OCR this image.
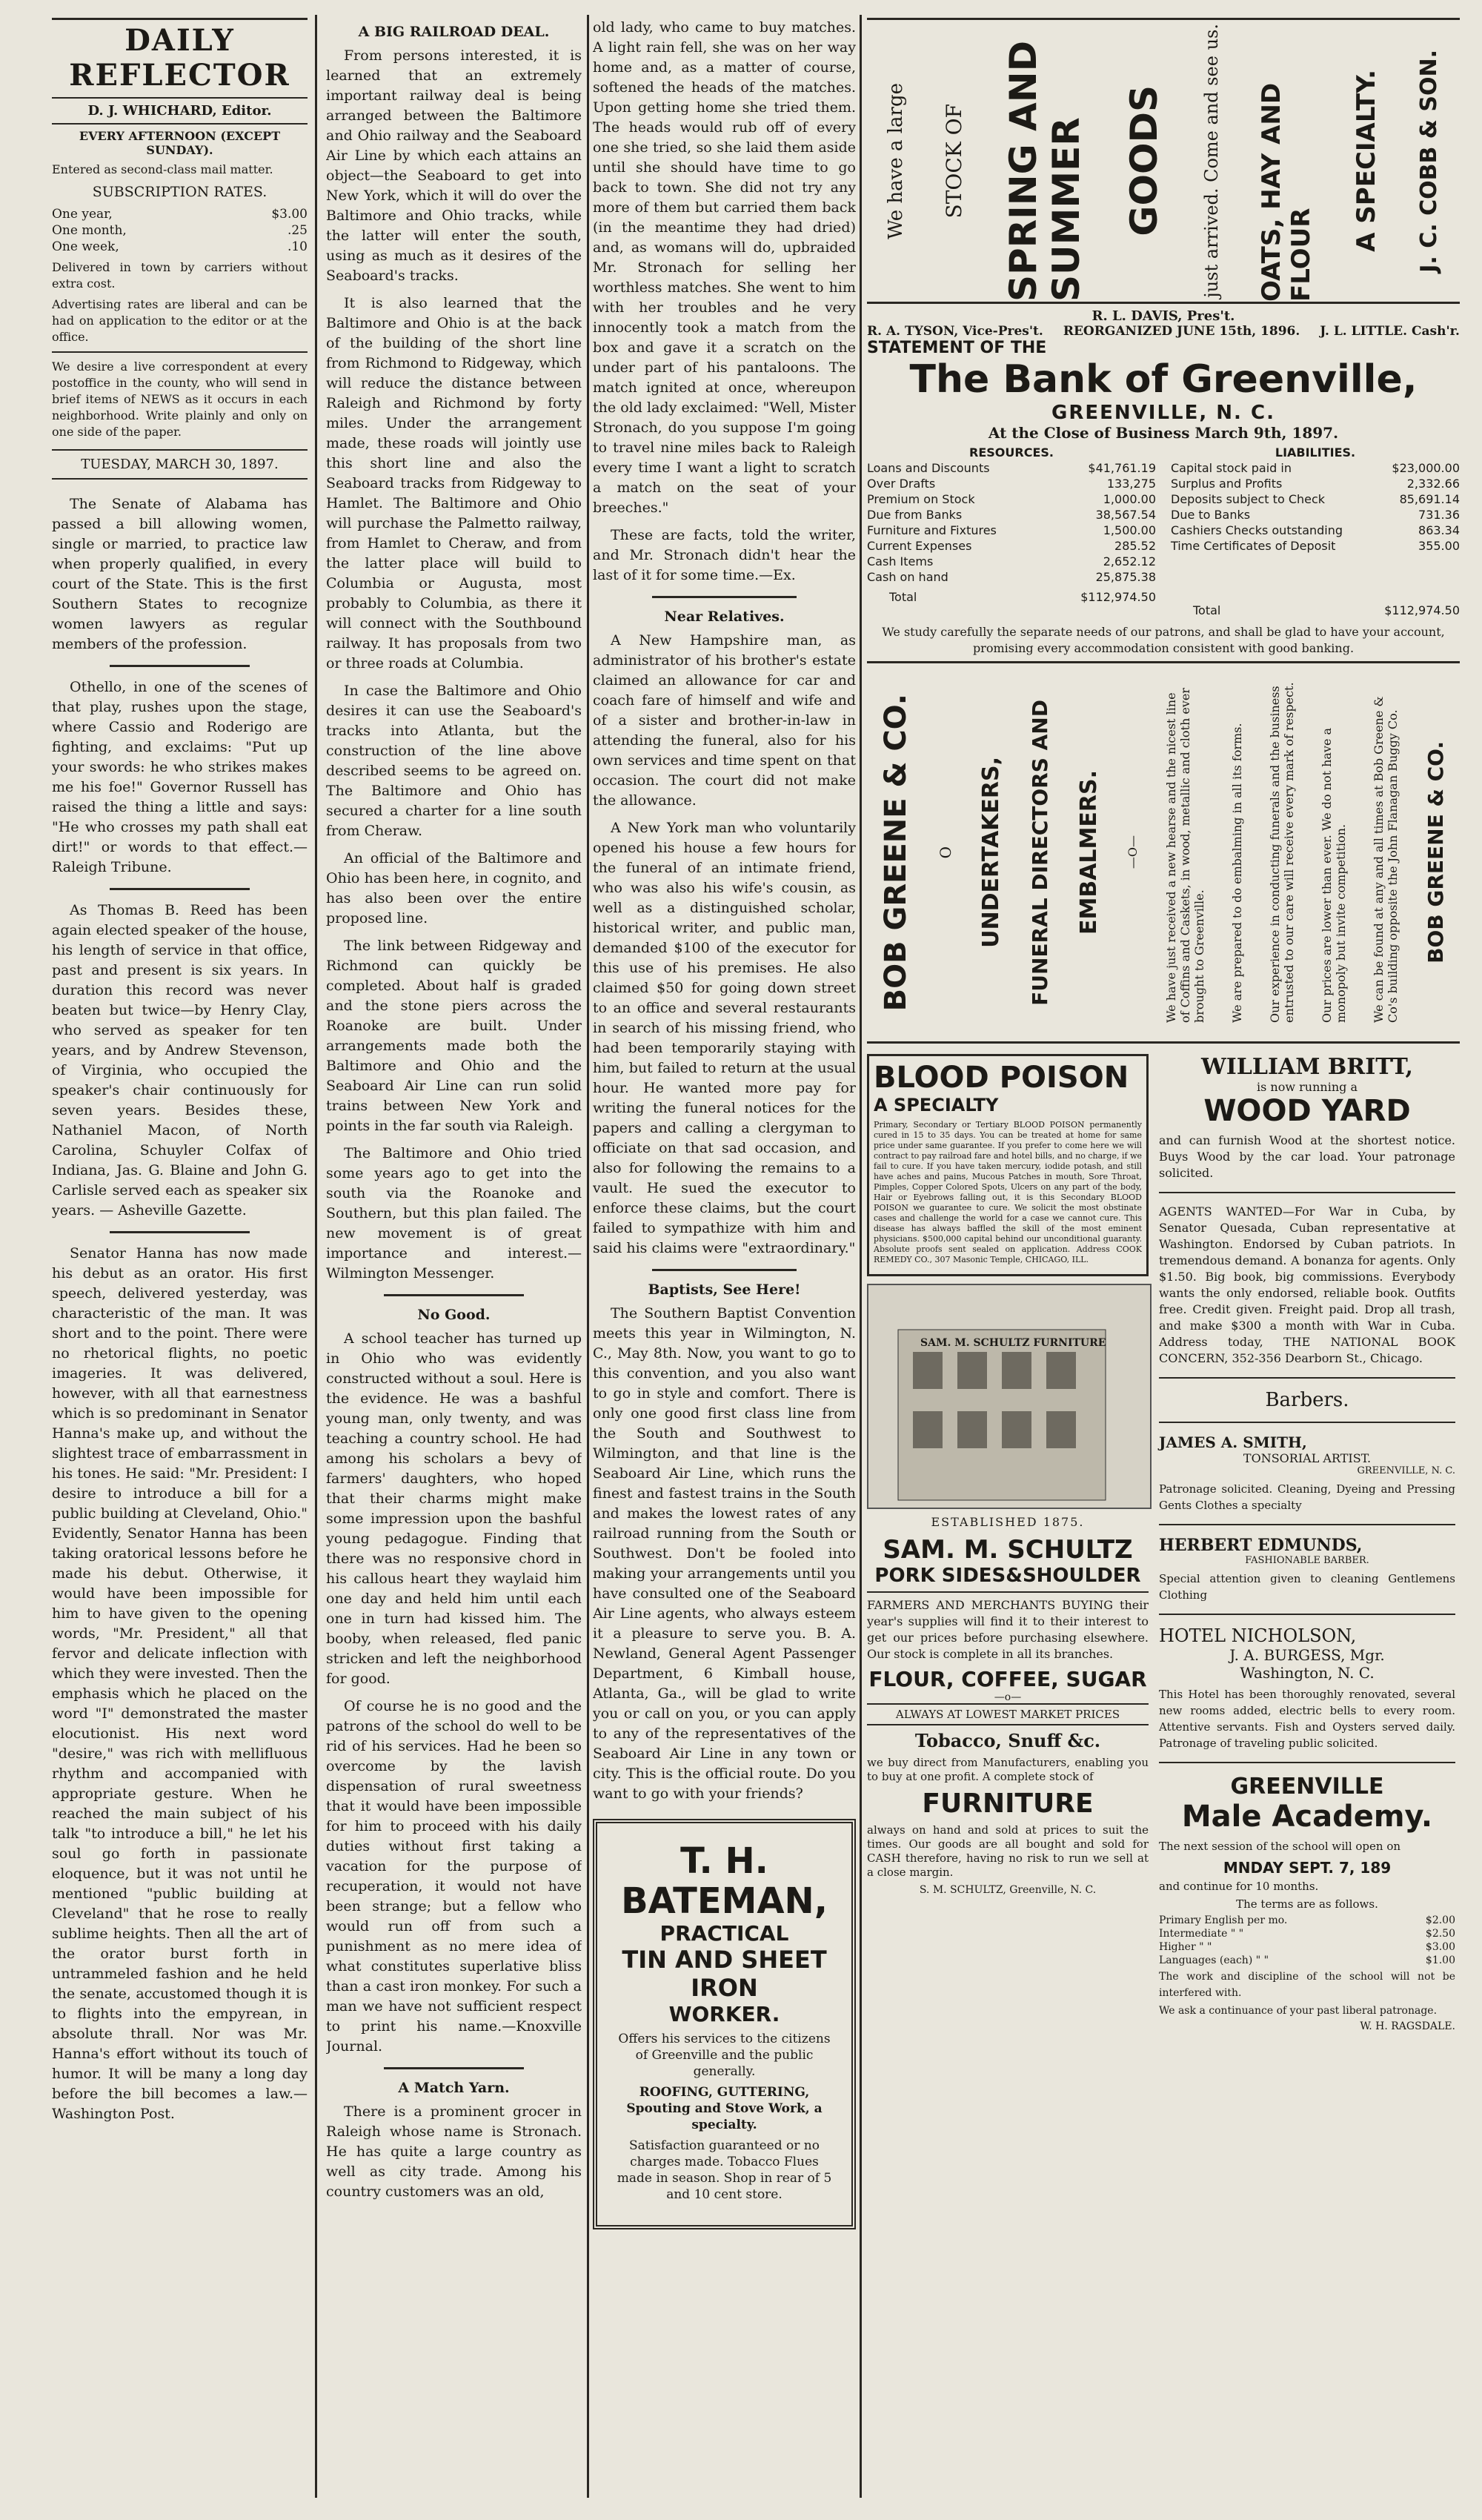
DAILY REFLECTOR
D. J. WHICHARD, Editor.
EVERY AFTERNOON (EXCEPT SUNDAY).

Entered as second-class mail matter.

SUBSCRIPTION RATES.
One year,	$3.00
One month,	.25
One week,	.10

Delivered in town by carriers without extra cost.

Advertising rates are liberal and can be had on application to the editor or at the office.

We desire a live correspondent at every postoffice in the county, who will send in brief items of NEWS as it occurs in each neighborhood. Write plainly and only on one side of the paper.

TUESDAY, MARCH 30, 1897.

The Senate of Alabama has passed a bill allowing women, single or married, to practice law when properly qualified, in every court of the State. This is the first Southern States to recognize women lawyers as regular members of the profession.

Othello, in one of the scenes of that play, rushes upon the stage, where Cassio and Roderigo are fighting, and exclaims: "Put up your swords: he who strikes makes me his foe!" Governor Russell has raised the thing a little and says: "He who crosses my path shall eat dirt!" or words to that effect.—Raleigh Tribune.

As Thomas B. Reed has been again elected speaker of the house, his length of service in that office, past and present is six years. In duration this record was never beaten but twice—by Henry Clay, who served as speaker for ten years, and by Andrew Stevenson, of Virginia, who occupied the speaker's chair continuously for seven years. Besides these, Nathaniel Macon, of North Carolina, Schuyler Colfax of Indiana, Jas. G. Blaine and John G. Carlisle served each as speaker six years. — Asheville Gazette.

Senator Hanna has now made his debut as an orator. His first speech, delivered yesterday, was characteristic of the man. It was short and to the point. There were no rhetorical flights, no poetic imageries. It was delivered, however, with all that earnestness which is so predominant in Senator Hanna's make up, and without the slightest trace of embarrassment in his tones. He said: "Mr. President: I desire to introduce a bill for a public building at Cleveland, Ohio." Evidently, Senator Hanna has been taking oratorical lessons before he made his debut. Otherwise, it would have been impossible for him to have given to the opening words, "Mr. President," all that fervor and delicate inflection with which they were invested. Then the emphasis which he placed on the word "I" demonstrated the master elocutionist. His next word "desire," was rich with mellifluous rhythm and accompanied with appropriate gesture. When he reached the main subject of his talk "to introduce a bill," he let his soul go forth in passionate eloquence, but it was not until he mentioned "public building at Cleveland" that he rose to really sublime heights. Then all the art of the orator burst forth in untrammeled fashion and he held the senate, accustomed though it is to flights into the empyrean, in absolute thrall. Nor was Mr. Hanna's effort without its touch of humor. It will be many a long day before the bill becomes a law.—Washington Post.

A BIG RAILROAD DEAL.

From persons interested, it is learned that an extremely important railway deal is being arranged between the Baltimore and Ohio railway and the Seaboard Air Line by which each attains an object—the Seaboard to get into New York, which it will do over the Baltimore and Ohio tracks, while the latter will enter the south, using as much as it desires of the Seaboard's tracks.

It is also learned that the Baltimore and Ohio is at the back of the building of the short line from Richmond to Ridgeway, which will reduce the distance between Raleigh and Richmond by forty miles. Under the arrangement made, these roads will jointly use this short line and also the Seaboard tracks from Ridgeway to Hamlet. The Baltimore and Ohio will purchase the Palmetto railway, from Hamlet to Cheraw, and from the latter place will build to Columbia or Augusta, most probably to Columbia, as there it will connect with the Southbound railway. It has proposals from two or three roads at Columbia.

In case the Baltimore and Ohio desires it can use the Seaboard's tracks into Atlanta, but the construction of the line above described seems to be agreed on. The Baltimore and Ohio has secured a charter for a line south from Cheraw.

An official of the Baltimore and Ohio has been here, in cognito, and has also been over the entire proposed line.

The link between Ridgeway and Richmond can quickly be completed. About half is graded and the stone piers across the Roanoke are built. Under arrangements made both the Baltimore and Ohio and the Seaboard Air Line can run solid trains between New York and points in the far south via Raleigh.

The Baltimore and Ohio tried some years ago to get into the south via the Roanoke and Southern, but this plan failed. The new movement is of great importance and interest.—Wilmington Messenger.

No Good.

A school teacher has turned up in Ohio who was evidently constructed without a soul. Here is the evidence. He was a bashful young man, only twenty, and was teaching a country school. He had among his scholars a bevy of farmers' daughters, who hoped that their charms might make some impression upon the bashful young pedagogue. Finding that there was no responsive chord in his callous heart they waylaid him one day and held him until each one in turn had kissed him. The booby, when released, fled panic stricken and left the neighborhood for good.

Of course he is no good and the patrons of the school do well to be rid of his services. Had he been so overcome by the lavish dispensation of rural sweetness that it would have been impossible for him to proceed with his daily duties without first taking a vacation for the purpose of recuperation, it would not have been strange; but a fellow who would run off from such a punishment as no mere idea of what constitutes superlative bliss than a cast iron monkey. For such a man we have not sufficient respect to print his name.—Knoxville Journal.

A Match Yarn.

There is a prominent grocer in Raleigh whose name is Stronach. He has quite a large country as well as city trade. Among his country customers was an old,

old lady, who came to buy matches. A light rain fell, she was on her way home and, as a matter of course, softened the heads of the matches. Upon getting home she tried them. The heads would rub off of every one she tried, so she laid them aside until she should have time to go back to town. She did not try any more of them but carried them back (in the meantime they had dried) and, as womans will do, upbraided Mr. Stronach for selling her worthless matches. She went to him with her troubles and he very innocently took a match from the box and gave it a scratch on the under part of his pantaloons. The match ignited at once, whereupon the old lady exclaimed: "Well, Mister Stronach, do you suppose I'm going to travel nine miles back to Raleigh every time I want a light to scratch a match on the seat of your breeches."

These are facts, told the writer, and Mr. Stronach didn't hear the last of it for some time.—Ex.

Near Relatives.

A New Hampshire man, as administrator of his brother's estate claimed an allowance for car and coach fare of himself and wife and of a sister and brother-in-law in attending the funeral, also for his own services and time spent on that occasion. The court did not make the allowance.

A New York man who voluntarily opened his house a few hours for the funeral of an intimate friend, who was also his wife's cousin, as well as a distinguished scholar, historical writer, and public man, demanded $100 of the executor for this use of his premises. He also claimed $50 for going down street to an office and several restaurants in search of his missing friend, who had been temporarily staying with him, but failed to return at the usual hour. He wanted more pay for writing the funeral notices for the papers and calling a clergyman to officiate on that sad occasion, and also for following the remains to a vault. He sued the executor to enforce these claims, but the court failed to sympathize with him and said his claims were "extraordinary."

Baptists, See Here!

The Southern Baptist Convention meets this year in Wilmington, N. C., May 8th. Now, you want to go to this convention, and you also want to go in style and comfort. There is only one good first class line from the South and Southwest to Wilmington, and that line is the Seaboard Air Line, which runs the finest and fastest trains in the South and makes the lowest rates of any railroad running from the South or Southwest. Don't be fooled into making your arrangements until you have consulted one of the Seaboard Air Line agents, who always esteem it a pleasure to serve you. B. A. Newland, General Agent Passenger Department, 6 Kimball house, Atlanta, Ga., will be glad to write you or call on you, or you can apply to any of the representatives of the Seaboard Air Line in any town or city. This is the official route. Do you want to go with your friends?

T. H. BATEMAN,
PRACTICAL
TIN AND SHEET IRON
WORKER.

Offers his services to the citizens of Greenville and the public generally.

ROOFING, GUTTERING, Spouting and Stove Work, a specialty.

Satisfaction guaranteed or no charges made. Tobacco Flues made in season. Shop in rear of 5 and 10 cent store.

We have a large STOCK OF SPRING AND SUMMER GOODS just arrived. Come and see us. OATS, HAY AND FLOUR
A SPECIALTY. J. C. COBB & SON.
R. L. DAVIS, Pres't.
R. A. TYSON, Vice-Pres't. REORGANIZED JUNE 15th, 1896. J. L. LITTLE. Cash'r.
STATEMENT OF THE
The Bank of Greenville,
GREENVILLE, N. C.
At the Close of Business March 9th, 1897.
RESOURCES.
Loans and Discounts	$41,761.19
Over Drafts	133,275
Premium on Stock	1,000.00
Due from Banks	38,567.54
Furniture and Fixtures	1,500.00
Current Expenses	285.52
Cash Items	2,652.12
Cash on hand	25,875.38
Total	$112,974.50
LIABILITIES.
Capital stock paid in	$23,000.00
Surplus and Profits	2,332.66
Deposits subject to Check	85,691.14
Due to Banks	731.36
Cashiers Checks outstanding	863.34
Time Certificates of Deposit	355.00
Total	$112,974.50

We study carefully the separate needs of our patrons, and shall be glad to have your account, promising every accommodation consistent with good banking.

BOB GREENE & CO. O UNDERTAKERS, FUNERAL DIRECTORS AND EMBALMERS. —O— We have just received a new hearse and the nicest line of Coffins and Caskets, in wood, metallic and cloth ever brought to Greenville. We are prepared to do embalming in all its forms. Our experience in conducting funerals and the business entrusted to our care will receive every mark of respect. Our prices are lower than ever. We do not have a monopoly but invite competition. We can be found at any and all times at Bob Greene & Co's building opposite the John Flanagan Buggy Co. BOB GREENE & CO.
BLOOD POISON
A SPECIALTY

Primary, Secondary or Tertiary BLOOD POISON permanently cured in 15 to 35 days. You can be treated at home for same price under same guarantee. If you prefer to come here we will contract to pay railroad fare and hotel bills, and no charge, if we fail to cure. If you have taken mercury, iodide potash, and still have aches and pains, Mucous Patches in mouth, Sore Throat, Pimples, Copper Colored Spots, Ulcers on any part of the body, Hair or Eyebrows falling out, it is this Secondary BLOOD POISON we guarantee to cure. We solicit the most obstinate cases and challenge the world for a case we cannot cure. This disease has always baffled the skill of the most eminent physicians. $500,000 capital behind our unconditional guaranty. Absolute proofs sent sealed on application. Address COOK REMEDY CO., 307 Masonic Temple, CHICAGO, ILL.

SAM. M. SCHULTZ FURNITURE
ESTABLISHED 1875.
SAM. M. SCHULTZ
PORK SIDES&SHOULDER

FARMERS AND MERCHANTS BUYING their year's supplies will find it to their interest to get our prices before purchasing elsewhere. Our stock is complete in all its branches.

FLOUR, COFFEE, SUGAR
—o—
ALWAYS AT LOWEST MARKET PRICES
Tobacco, Snuff &c.

we buy direct from Manufacturers, enabling you to buy at one profit. A complete stock of

FURNITURE

always on hand and sold at prices to suit the times. Our goods are all bought and sold for CASH therefore, having no risk to run we sell at a close margin.

S. M. SCHULTZ, Greenville, N. C.
WILLIAM BRITT,
is now running a
WOOD YARD

and can furnish Wood at the shortest notice. Buys Wood by the car load. Your patronage solicited.

AGENTS WANTED—For War in Cuba, by Senator Quesada, Cuban representative at Washington. Endorsed by Cuban patriots. In tremendous demand. A bonanza for agents. Only $1.50. Big book, big commissions. Everybody wants the only endorsed, reliable book. Outfits free. Credit given. Freight paid. Drop all trash, and make $300 a month with War in Cuba. Address today, THE NATIONAL BOOK CONCERN, 352-356 Dearborn St., Chicago.

Barbers.
JAMES A. SMITH,
TONSORIAL ARTIST.
GREENVILLE, N. C.

Patronage solicited. Cleaning, Dyeing and Pressing Gents Clothes a specialty

HERBERT EDMUNDS,
FASHIONABLE BARBER.

Special attention given to cleaning Gentlemens Clothing

HOTEL NICHOLSON,
J. A. BURGESS, Mgr.
Washington, N. C.

This Hotel has been thoroughly renovated, several new rooms added, electric bells to every room. Attentive servants. Fish and Oysters served daily. Patronage of traveling public solicited.

GREENVILLE
Male Academy.

The next session of the school will open on

MNDAY SEPT. 7, 189

and continue for 10 months.

The terms are as follows.

Primary English per mo.	$2.00
Intermediate " "	$2.50
Higher " "	$3.00
Languages (each) " "	$1.00

The work and discipline of the school will not be interfered with.

We ask a continuance of your past liberal patronage.

W. H. RAGSDALE.
